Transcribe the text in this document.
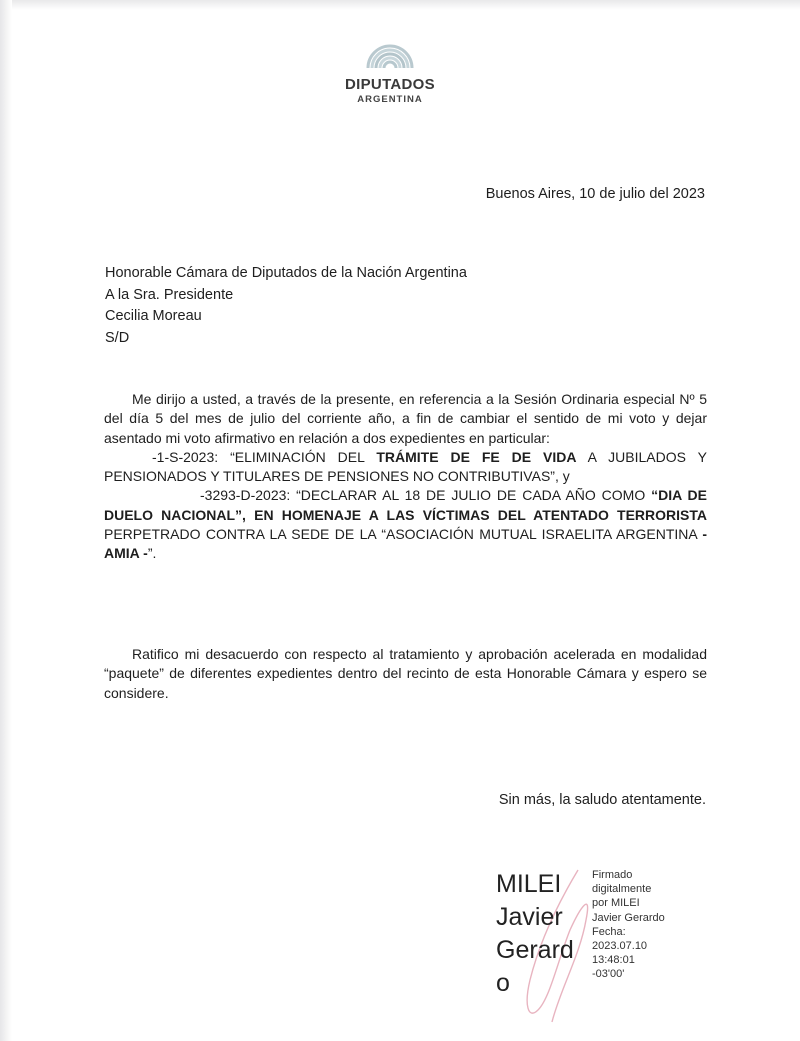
DIPUTADOS
ARGENTINA
Buenos Aires, 10 de julio del 2023
Honorable Cámara de Diputados de la Nación Argentina
A la Sra. Presidente
Cecilia Moreau
S/D
Me dirijo a usted, a través de la presente, en referencia a la Sesión Ordinaria especial Nº 5 del día 5 del mes de julio del corriente año, a fin de cambiar el sentido de mi voto y dejar asentado mi voto afirmativo en relación a dos expedientes en particular:
-1-S-2023: “ELIMINACIÓN DEL TRÁMITE DE FE DE VIDA A JUBILADOS Y PENSIONADOS Y TITULARES DE PENSIONES NO CONTRIBUTIVAS”, y
-3293-D-2023: “DECLARAR AL 18 DE JULIO DE CADA AÑO COMO “DIA DE DUELO NACIONAL”, EN HOMENAJE A LAS VÍCTIMAS DEL ATENTADO TERRORISTA PERPETRADO CONTRA LA SEDE DE LA “ASOCIACIÓN MUTUAL ISRAELITA ARGENTINA - AMIA -”.
Ratifico mi desacuerdo con respecto al tratamiento y aprobación acelerada en modalidad “paquete” de diferentes expedientes dentro del recinto de esta Honorable Cámara y espero se considere.
Sin más, la saludo atentamente.
MILEI
Javier
Gerard
o
Firmado
digitalmente
por MILEI
Javier Gerardo
Fecha:
2023.07.10
13:48:01
-03'00'
